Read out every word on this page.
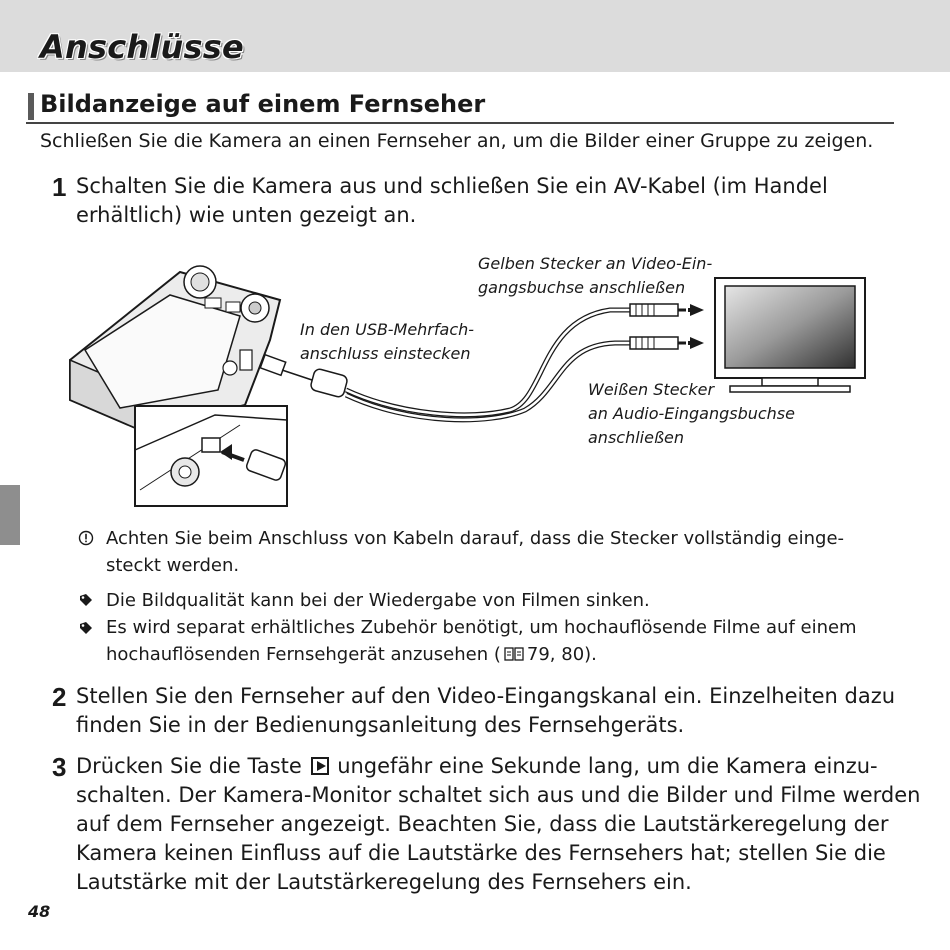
Anschlüsse
Bildanzeige auf einem Fernseher
Schließen Sie die Kamera an einen Fernseher an, um die Bilder einer Gruppe zu zeigen.
1 Schalten Sie die Kamera aus und schließen Sie ein AV-Kabel (im Handel
erhältlich) wie unten gezeigt an.
In den USB-Mehrfach-
anschluss einstecken
Gelben Stecker an Video-Ein-
gangsbuchse anschließen
Weißen Stecker
an Audio-Eingangsbuchse
anschließen
Achten Sie beim Anschluss von Kabeln darauf, dass die Stecker vollständig einge-
steckt werden.
Die Bildqualität kann bei der Wiedergabe von Filmen sinken.
Es wird separat erhältliches Zubehör benötigt, um hochauflösende Filme auf einem
hochauflösenden Fernsehgerät anzusehen ( 79, 80).
2 Stellen Sie den Fernseher auf den Video-Eingangskanal ein. Einzelheiten dazu
finden Sie in der Bedienungsanleitung des Fernsehgeräts.
3 Drücken Sie die Taste ungefähr eine Sekunde lang, um die Kamera einzu-
schalten. Der Kamera-Monitor schaltet sich aus und die Bilder und Filme werden
auf dem Fernseher angezeigt. Beachten Sie, dass die Lautstärkeregelung der
Kamera keinen Einfluss auf die Lautstärke des Fernsehers hat; stellen Sie die
Lautstärke mit der Lautstärkeregelung des Fernsehers ein.
48
